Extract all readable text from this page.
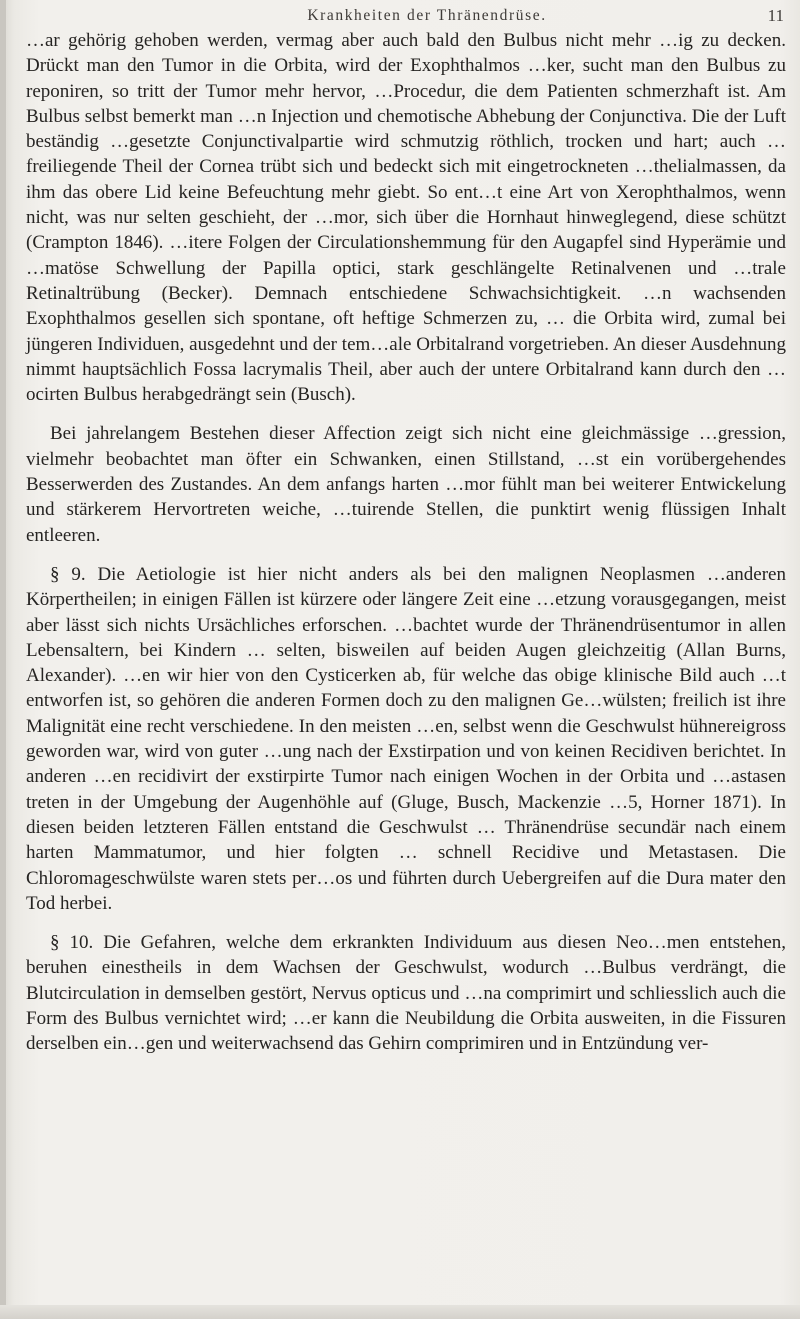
Krankheiten der Thränendrüse.	11

…ar gehörig gehoben werden, vermag aber auch bald den Bulbus nicht mehr …ig zu decken. Drückt man den Tumor in die Orbita, wird der Exophthalmos …ker, sucht man den Bulbus zu reponiren, so tritt der Tumor mehr hervor, …Procedur, die dem Patienten schmerzhaft ist. Am Bulbus selbst bemerkt man …n Injection und chemotische Abhebung der Conjunctiva. Die der Luft beständig …gesetzte Conjunctivalpartie wird schmutzig röthlich, trocken und hart; auch … freiliegende Theil der Cornea trübt sich und bedeckt sich mit eingetrockneten …thelialmassen, da ihm das obere Lid keine Befeuchtung mehr giebt. So ent…t eine Art von Xerophthalmos, wenn nicht, was nur selten geschieht, der …mor, sich über die Hornhaut hinweglegend, diese schützt (Crampton 1846). …itere Folgen der Circulationshemmung für den Augapfel sind Hyperämie und …matöse Schwellung der Papilla optici, stark geschlängelte Retinalvenen und …trale Retinaltrübung (Becker). Demnach entschiedene Schwachsichtigkeit. …n wachsenden Exophthalmos gesellen sich spontane, oft heftige Schmerzen zu, … die Orbita wird, zumal bei jüngeren Individuen, ausgedehnt und der tem…ale Orbitalrand vorgetrieben. An dieser Ausdehnung nimmt hauptsächlich Fossa lacrymalis Theil, aber auch der untere Orbitalrand kann durch den …ocirten Bulbus herabgedrängt sein (Busch).

Bei jahrelangem Bestehen dieser Affection zeigt sich nicht eine gleichmässige …gression, vielmehr beobachtet man öfter ein Schwanken, einen Stillstand, …st ein vorübergehendes Besserwerden des Zustandes. An dem anfangs harten …mor fühlt man bei weiterer Entwickelung und stärkerem Hervortreten weiche, …tuirende Stellen, die punktirt wenig flüssigen Inhalt entleeren.

§ 9. Die Aetiologie ist hier nicht anders als bei den malignen Neoplasmen …anderen Körpertheilen; in einigen Fällen ist kürzere oder längere Zeit eine …etzung vorausgegangen, meist aber lässt sich nichts Ursächliches erforschen. …bachtet wurde der Thränendrüsentumor in allen Lebensaltern, bei Kindern … selten, bisweilen auf beiden Augen gleichzeitig (Allan Burns, Alexander). …en wir hier von den Cysticerken ab, für welche das obige klinische Bild auch …t entworfen ist, so gehören die anderen Formen doch zu den malignen Ge…wülsten; freilich ist ihre Malignität eine recht verschiedene. In den meisten …en, selbst wenn die Geschwulst hühnereigross geworden war, wird von guter …ung nach der Exstirpation und von keinen Recidiven berichtet. In anderen …en recidivirt der exstirpirte Tumor nach einigen Wochen in der Orbita und …astasen treten in der Umgebung der Augenhöhle auf (Gluge, Busch, Mackenzie …5, Horner 1871). In diesen beiden letzteren Fällen entstand die Geschwulst … Thränendrüse secundär nach einem harten Mammatumor, und hier folgten … schnell Recidive und Metastasen. Die Chloromageschwülste waren stets per…os und führten durch Uebergreifen auf die Dura mater den Tod herbei.

§ 10. Die Gefahren, welche dem erkrankten Individuum aus diesen Neo…men entstehen, beruhen einestheils in dem Wachsen der Geschwulst, wodurch …Bulbus verdrängt, die Blutcirculation in demselben gestört, Nervus opticus und …na comprimirt und schliesslich auch die Form des Bulbus vernichtet wird; …er kann die Neubildung die Orbita ausweiten, in die Fissuren derselben ein…gen und weiterwachsend das Gehirn comprimiren und in Entzündung ver-
